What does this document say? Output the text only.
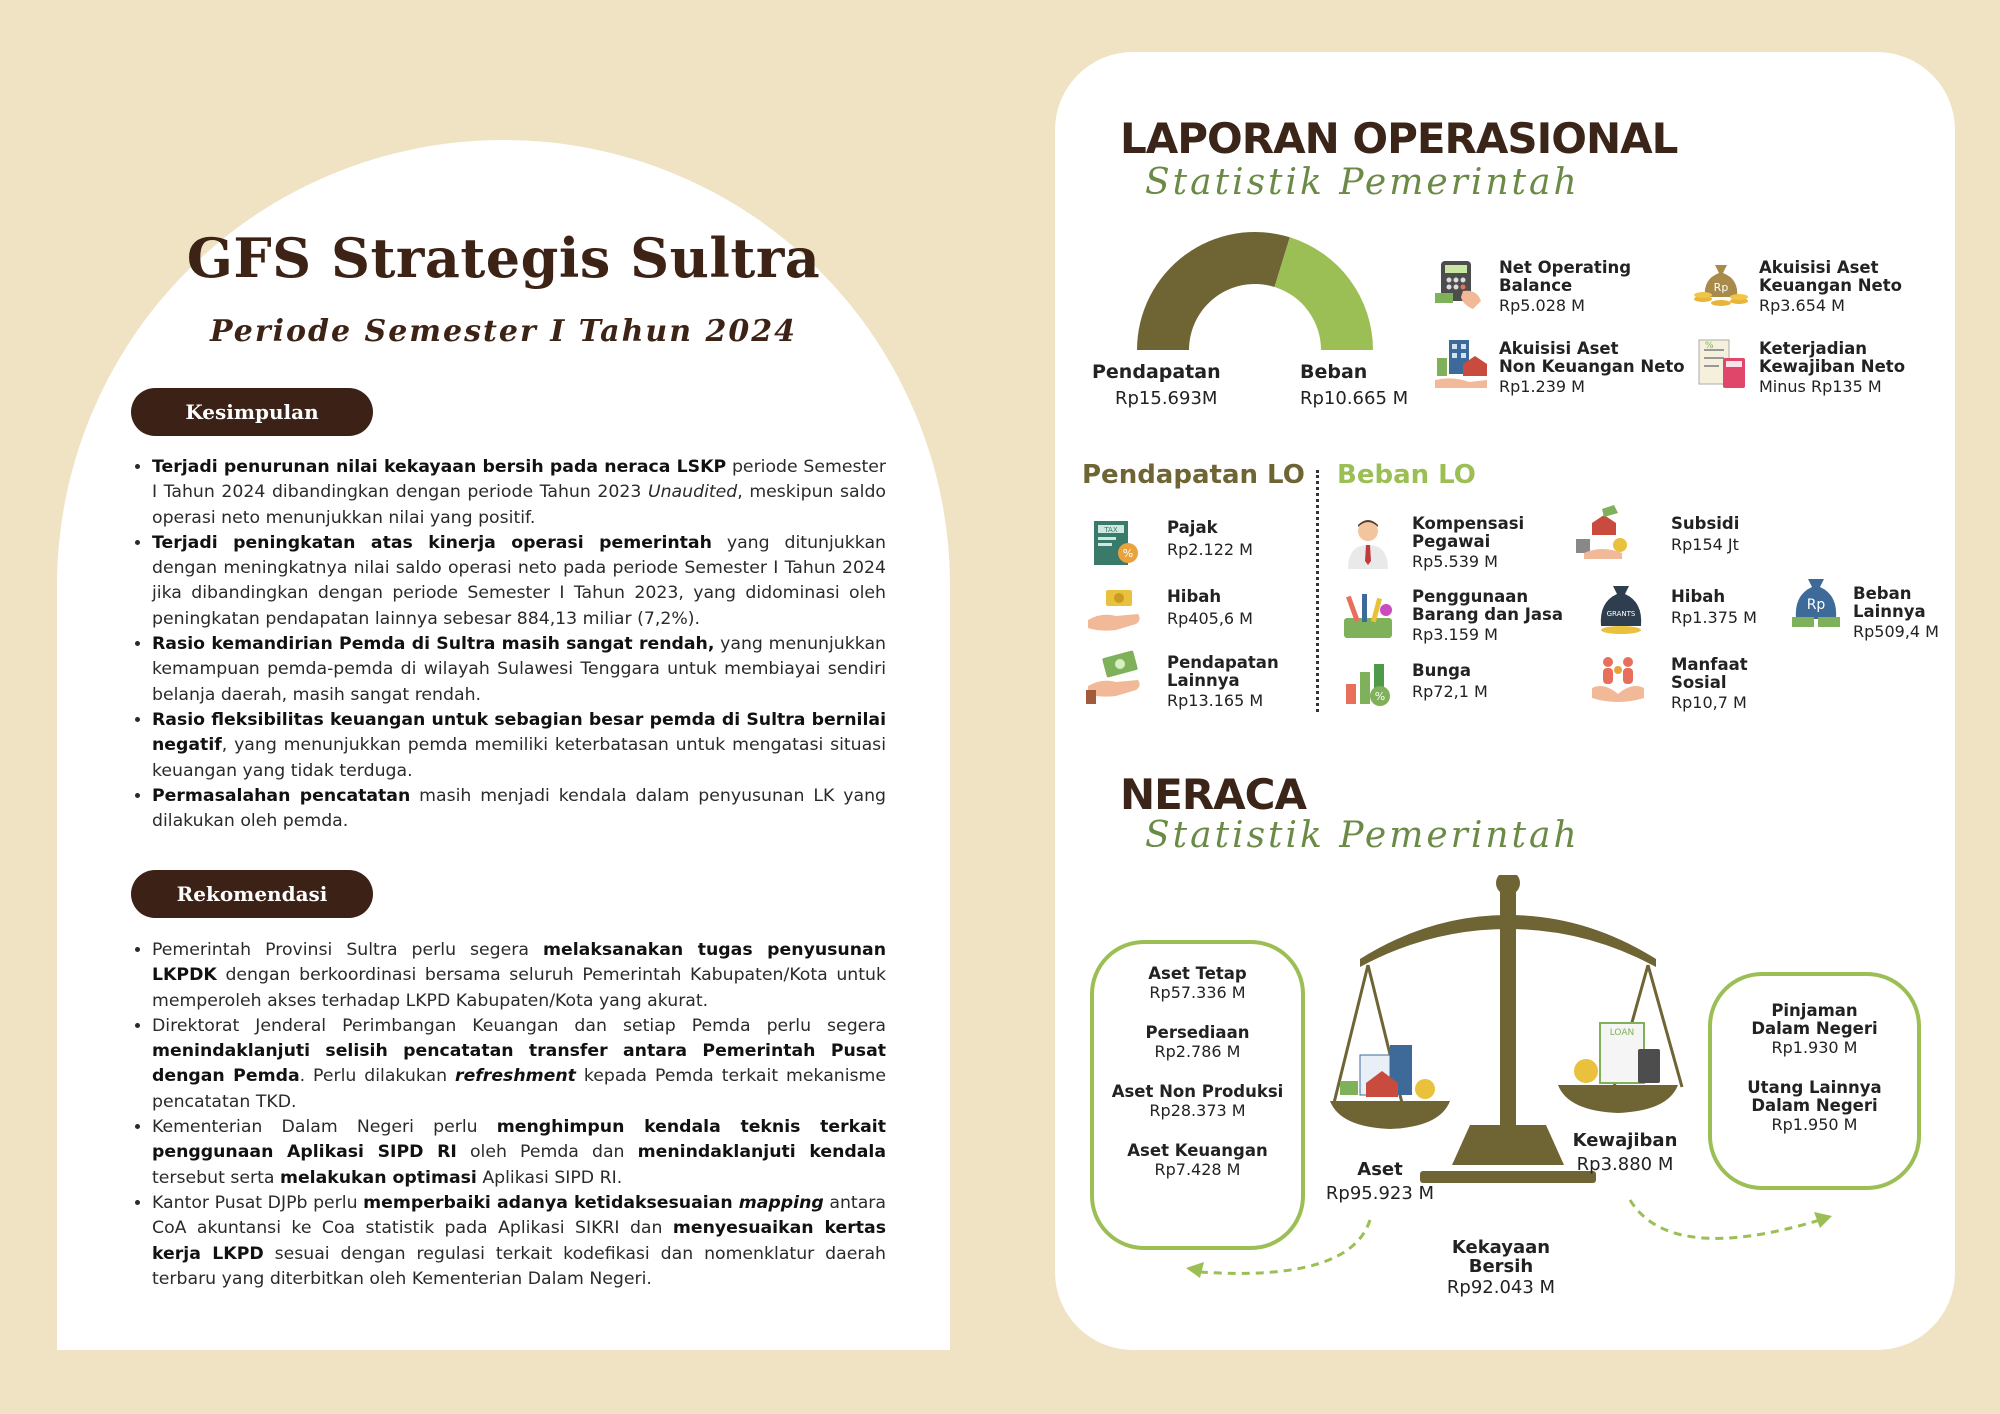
GFS Strategis Sultra
Periode Semester I Tahun 2024
Kesimpulan
• Terjadi penurunan nilai kekayaan bersih pada neraca LSKP periode Semester I Tahun 2024 dibandingkan dengan periode Tahun 2023 Unaudited, meskipun saldo operasi neto menunjukkan nilai yang positif.
• Terjadi peningkatan atas kinerja operasi pemerintah yang ditunjukkan dengan meningkatnya nilai saldo operasi neto pada periode Semester I Tahun 2024 jika dibandingkan dengan periode Semester I Tahun 2023, yang didominasi oleh peningkatan pendapatan lainnya sebesar 884,13 miliar (7,2%).
• Rasio kemandirian Pemda di Sultra masih sangat rendah, yang menunjukkan kemampuan pemda-pemda di wilayah Sulawesi Tenggara untuk membiayai sendiri belanja daerah, masih sangat rendah.
• Rasio fleksibilitas keuangan untuk sebagian besar pemda di Sultra bernilai negatif, yang menunjukkan pemda memiliki keterbatasan untuk mengatasi situasi keuangan yang tidak terduga.
• Permasalahan pencatatan masih menjadi kendala dalam penyusunan LK yang dilakukan oleh pemda.
Rekomendasi
• Pemerintah Provinsi Sultra perlu segera melaksanakan tugas penyusunan LKPDK dengan berkoordinasi bersama seluruh Pemerintah Kabupaten/Kota untuk memperoleh akses terhadap LKPD Kabupaten/Kota yang akurat.
• Direktorat Jenderal Perimbangan Keuangan dan setiap Pemda perlu segera menindaklanjuti selisih pencatatan transfer antara Pemerintah Pusat dengan Pemda. Perlu dilakukan refreshment kepada Pemda terkait mekanisme pencatatan TKD.
• Kementerian Dalam Negeri perlu menghimpun kendala teknis terkait penggunaan Aplikasi SIPD RI oleh Pemda dan menindaklanjuti kendala tersebut serta melakukan optimasi Aplikasi SIPD RI.
• Kantor Pusat DJPb perlu memperbaiki adanya ketidaksesuaian mapping antara CoA akuntansi ke Coa statistik pada Aplikasi SIKRI dan menyesuaikan kertas kerja LKPD sesuai dengan regulasi terkait kodefikasi dan nomenklatur daerah terbaru yang diterbitkan oleh Kementerian Dalam Negeri.
LAPORAN OPERASIONAL
Statistik Pemerintah
Pendapatan
Rp15.693M
Beban
Rp10.665 M
Net Operating
Balance
Rp5.028 M
Rp
Akuisisi Aset
Keuangan Neto
Rp3.654 M
Akuisisi Aset
Non Keuangan Neto
Rp1.239 M
%	Keterjadian
Kewajiban Neto
Minus Rp135 M
Pendapatan LO Beban LO
TAX
%
Pajak
Rp2.122 M
Hibah
Rp405,6 M
Pendapatan
Lainnya
Rp13.165 M
Kompensasi
Pegawai
Rp5.539 M
Subsidi
Rp154 Jt
Penggunaan
Barang dan Jasa
Rp3.159 M
GRANTS
Hibah
Rp1.375 M
Rp
Beban
Lainnya
Rp509,4 M
%
Bunga
Rp72,1 M
Manfaat
Sosial
Rp10,7 M
NERACA
Statistik Pemerintah
Aset Tetap
Rp57.336 M
Persediaan
Rp2.786 M
Aset Non Produksi
Rp28.373 M
Aset Keuangan
Rp7.428 M
Pinjaman Dalam Negeri
Rp1.930 M
Utang Lainnya Dalam Negeri
Rp1.950 M
LOAN
Aset
Rp95.923 M
Kewajiban
Rp3.880 M
Kekayaan Bersih
Rp92.043 M
